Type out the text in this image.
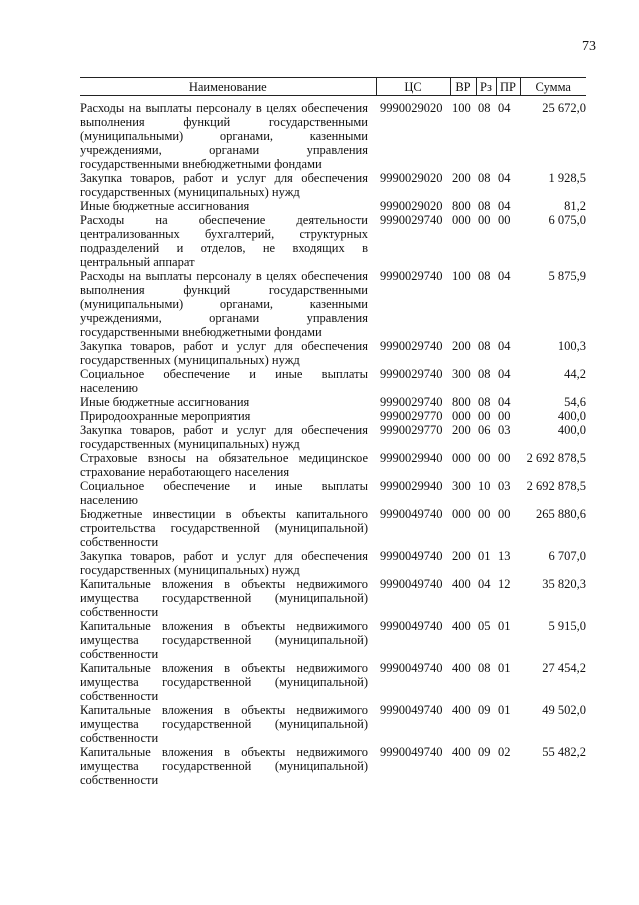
73
Наименование	ЦС	ВР	Рз	ПР	Сумма

Расходы на выплаты персоналу в целях обеспечения
выполнения функций государственными
(муниципальными) органами, казенными
учреждениями, органами управления
государственными внебюджетными фондами	9990029020	100	08	04	25 672,0

Закупка товаров, работ и услуг для обеспечения
государственных (муниципальных) нужд	9990029020	200	08	04	1 928,5

Иные бюджетные ассигнования	9990029020	800	08	04	81,2

Расходы на обеспечение деятельности
централизованных бухгалтерий, структурных
подразделений и отделов, не входящих в
центральный аппарат	9990029740	000	00	00	6 075,0

Расходы на выплаты персоналу в целях обеспечения
выполнения функций государственными
(муниципальными) органами, казенными
учреждениями, органами управления
государственными внебюджетными фондами	9990029740	100	08	04	5 875,9

Закупка товаров, работ и услуг для обеспечения
государственных (муниципальных) нужд	9990029740	200	08	04	100,3

Социальное обеспечение и иные выплаты
населению	9990029740	300	08	04	44,2

Иные бюджетные ассигнования	9990029740	800	08	04	54,6

Природоохранные мероприятия	9990029770	000	00	00	400,0

Закупка товаров, работ и услуг для обеспечения
государственных (муниципальных) нужд	9990029770	200	06	03	400,0

Страховые взносы на обязательное медицинское
страхование неработающего населения	9990029940	000	00	00	2 692 878,5

Социальное обеспечение и иные выплаты
населению	9990029940	300	10	03	2 692 878,5

Бюджетные инвестиции в объекты капитального
строительства государственной (муниципальной)
собственности	9990049740	000	00	00	265 880,6

Закупка товаров, работ и услуг для обеспечения
государственных (муниципальных) нужд	9990049740	200	01	13	6 707,0

Капитальные вложения в объекты недвижимого
имущества государственной (муниципальной)
собственности	9990049740	400	04	12	35 820,3

Капитальные вложения в объекты недвижимого
имущества государственной (муниципальной)
собственности	9990049740	400	05	01	5 915,0

Капитальные вложения в объекты недвижимого
имущества государственной (муниципальной)
собственности	9990049740	400	08	01	27 454,2

Капитальные вложения в объекты недвижимого
имущества государственной (муниципальной)
собственности	9990049740	400	09	01	49 502,0

Капитальные вложения в объекты недвижимого
имущества государственной (муниципальной)
собственности	9990049740	400	09	02	55 482,2
